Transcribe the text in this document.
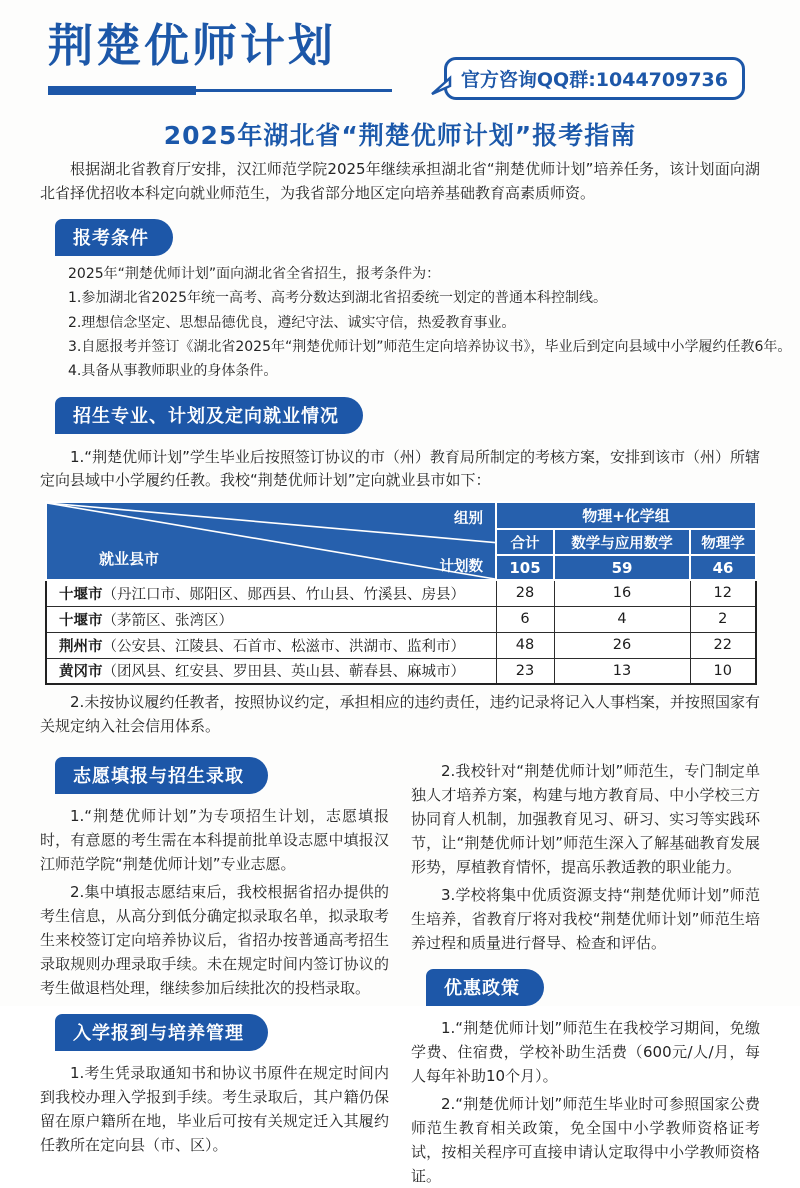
荆楚优师计划
官方咨询QQ群:1044709736
2025年湖北省“荆楚优师计划”报考指南

根据湖北省教育厅安排，汉江师范学院2025年继续承担湖北省“荆楚优师计划”培养任务，该计划面向湖北省择优招收本科定向就业师范生，为我省部分地区定向培养基础教育高素质师资。

报考条件
2025年“荆楚优师计划”面向湖北省全省招生，报考条件为：
1.参加湖北省2025年统一高考、高考分数达到湖北省招委统一划定的普通本科控制线。
2.理想信念坚定、思想品德优良，遵纪守法、诚实守信，热爱教育事业。
3.自愿报考并签订《湖北省2025年“荆楚优师计划”师范生定向培养协议书》，毕业后到定向县域中小学履约任教6年。
4.具备从事教师职业的身体条件。
招生专业、计划及定向就业情况

1.“荆楚优师计划”学生毕业后按照签订协议的市（州）教育局所制定的考核方案，安排到该市（州）所辖定向县域中小学履约任教。我校“荆楚优师计划”定向就业县市如下：

组别
计划数
就业县市	物理+化学组		
	合计	数学与应用数学	物理学
	105	59	46
十堰市（丹江口市、郧阳区、郧西县、竹山县、竹溪县、房县）	28	16	12
十堰市（茅箭区、张湾区）	6	4	2
荆州市（公安县、江陵县、石首市、松滋市、洪湖市、监利市）	48	26	22
黄冈市（团风县、红安县、罗田县、英山县、蕲春县、麻城市）	23	13	10

2.未按协议履约任教者，按照协议约定，承担相应的违约责任，违约记录将记入人事档案，并按照国家有关规定纳入社会信用体系。

志愿填报与招生录取

1.“荆楚优师计划”为专项招生计划，志愿填报时，有意愿的考生需在本科提前批单设志愿中填报汉江师范学院“荆楚优师计划”专业志愿。

2.集中填报志愿结束后，我校根据省招办提供的考生信息，从高分到低分确定拟录取名单，拟录取考生来校签订定向培养协议后，省招办按普通高考招生录取规则办理录取手续。未在规定时间内签订协议的考生做退档处理，继续参加后续批次的投档录取。

入学报到与培养管理

1.考生凭录取通知书和协议书原件在规定时间内到我校办理入学报到手续。考生录取后，其户籍仍保留在原户籍所在地，毕业后可按有关规定迁入其履约任教所在定向县（市、区）。

2.我校针对“荆楚优师计划”师范生，专门制定单独人才培养方案，构建与地方教育局、中小学校三方协同育人机制，加强教育见习、研习、实习等实践环节，让“荆楚优师计划”师范生深入了解基础教育发展形势，厚植教育情怀，提高乐教适教的职业能力。

3.学校将集中优质资源支持“荆楚优师计划”师范生培养，省教育厅将对我校“荆楚优师计划”师范生培养过程和质量进行督导、检查和评估。

优惠政策

1.“荆楚优师计划”师范生在我校学习期间，免缴学费、住宿费，学校补助生活费（600元/人/月，每人每年补助10个月）。

2.“荆楚优师计划”师范生毕业时可参照国家公费师范生教育相关政策，免全国中小学教师资格证考试，按相关程序可直接申请认定取得中小学教师资格证。
